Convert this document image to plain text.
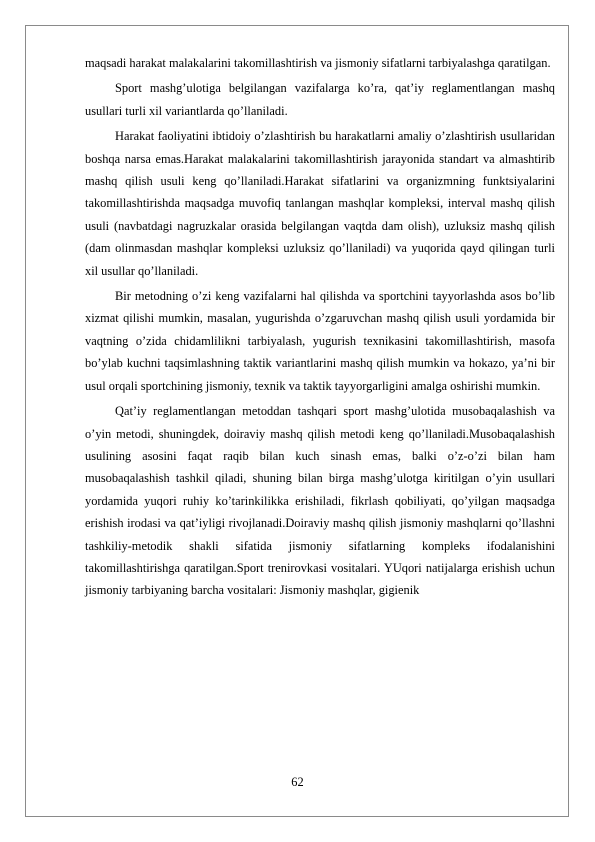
maqsadi harakat malakalarini takomillashtirish va jismoniy sifatlarni tarbiyalashga qaratilgan.

Sport mashg’ulotiga belgilangan vazifalarga ko’ra, qat’iy reglamentlangan mashq usullari turli xil variantlarda qo’llaniladi.

Harakat faoliyatini ibtidoiy o’zlashtirish bu harakatlarni amaliy o’zlashtirish usullaridan boshqa narsa emas.Harakat malakalarini takomillashtirish jarayonida standart va almashtirib mashq qilish usuli keng qo’llaniladi.Harakat sifatlarini va organizmning funktsiyalarini takomillashtirishda maqsadga muvofiq tanlangan mashqlar kompleksi, interval mashq qilish usuli (navbatdagi nagruzkalar orasida belgilangan vaqtda dam olish), uzluksiz mashq qilish (dam olinmasdan mashqlar kompleksi uzluksiz qo’llaniladi) va yuqorida qayd qilingan turli xil usullar qo’llaniladi.

Bir metodning o’zi keng vazifalarni hal qilishda va sportchini tayyorlashda asos bo’lib xizmat qilishi mumkin, masalan, yugurishda o’zgaruvchan mashq qilish usuli yordamida bir vaqtning o’zida chidamlilikni tarbiyalash, yugurish texnikasini takomillashtirish, masofa bo’ylab kuchni taqsimlashning taktik variantlarini mashq qilish mumkin va hokazo, ya’ni bir usul orqali sportchining jismoniy, texnik va taktik tayyorgarligini amalga oshirishi mumkin.

Qat’iy reglamentlangan metoddan tashqari sport mashg’ulotida musobaqalashish va o’yin metodi, shuningdek, doiraviy mashq qilish metodi keng qo’llaniladi.Musobaqalashish usulining asosini faqat raqib bilan kuch sinash emas, balki o’z-o’zi bilan ham musobaqalashish tashkil qiladi, shuning bilan birga mashg’ulotga kiritilgan o’yin usullari yordamida yuqori ruhiy ko’tarinkilikka erishiladi, fikrlash qobiliyati, qo’yilgan maqsadga erishish irodasi va qat’iyligi rivojlanadi.Doiraviy mashq qilish jismoniy mashqlarni qo’llashni tashkiliy-metodik shakli sifatida jismoniy sifatlarning kompleks ifodalanishini takomillashtirishga qaratilgan.Sport trenirovkasi vositalari. YUqori natijalarga erishish uchun jismoniy tarbiyaning barcha vositalari: Jismoniy mashqlar, gigienik

62
